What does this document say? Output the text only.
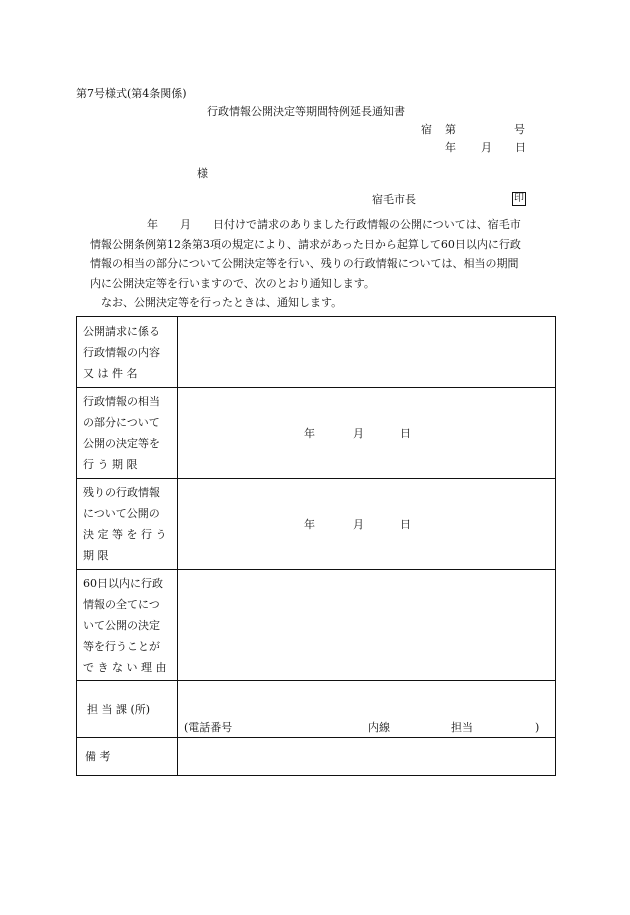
第7号様式(第4条関係)
行政情報公開決定等期間特例延長通知書
宿 第	号
年 月 日
様
宿毛市長	印
年　　月　　日付けで請求のありました行政情報の公開については、宿毛市
情報公開条例第12条第3項の規定により、請求があった日から起算して60日以内に行政
情報の相当の部分について公開決定等を行い、残りの行政情報については、相当の期間
内に公開決定等を行いますので、次のとおり通知します。
なお、公開決定等を行ったときは、通知します。
公開請求に係る
行政情報の内容
又 は 件 名	

行政情報の相当
の部分について
公開の決定等を
行 う 期 限	年 月 日

残りの行政情報
について公開の
決 定 等 を 行 う
期 限	年 月 日

60日以内に行政
情報の全てにつ
いて公開の決定
等を行うことが
で き な い 理 由	

担 当 課 (所)	(電話番号 内線 担当 )

備 考	
